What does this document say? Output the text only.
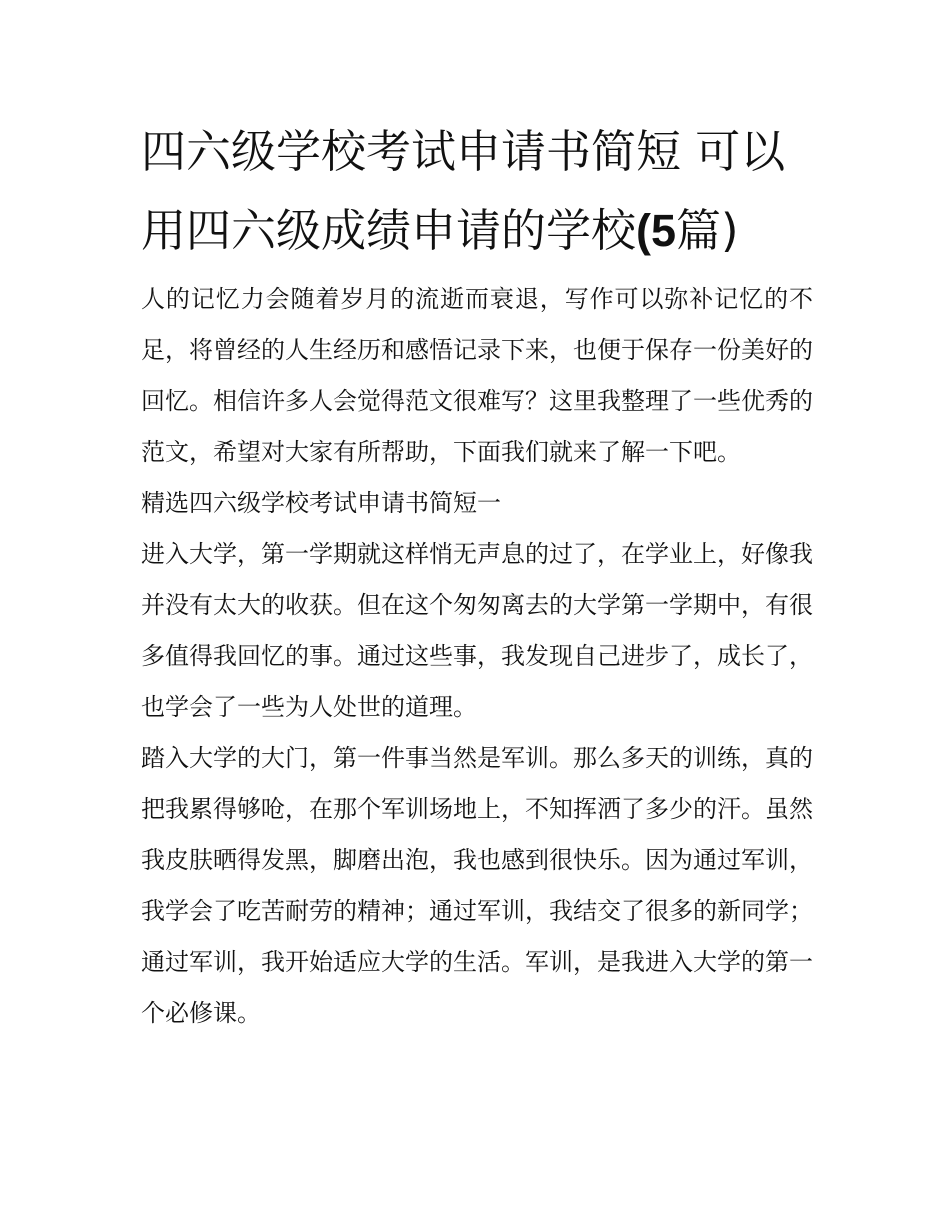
四六级学校考试申请书简短 可以用四六级成绩申请的学校(5篇)

人的记忆力会随着岁月的流逝而衰退，写作可以弥补记忆的不足，将曾经的人生经历和感悟记录下来，也便于保存一份美好的回忆。相信许多人会觉得范文很难写？这里我整理了一些优秀的范文，希望对大家有所帮助，下面我们就来了解一下吧。

精选四六级学校考试申请书简短一

进入大学，第一学期就这样悄无声息的过了，在学业上，好像我并没有太大的收获。但在这个匆匆离去的大学第一学期中，有很多值得我回忆的事。通过这些事，我发现自己进步了，成长了，也学会了一些为人处世的道理。

踏入大学的大门，第一件事当然是军训。那么多天的训练，真的把我累得够呛，在那个军训场地上，不知挥洒了多少的汗。虽然我皮肤晒得发黑，脚磨出泡，我也感到很快乐。因为通过军训，我学会了吃苦耐劳的精神；通过军训，我结交了很多的新同学；通过军训，我开始适应大学的生活。军训，是我进入大学的第一个必修课。
